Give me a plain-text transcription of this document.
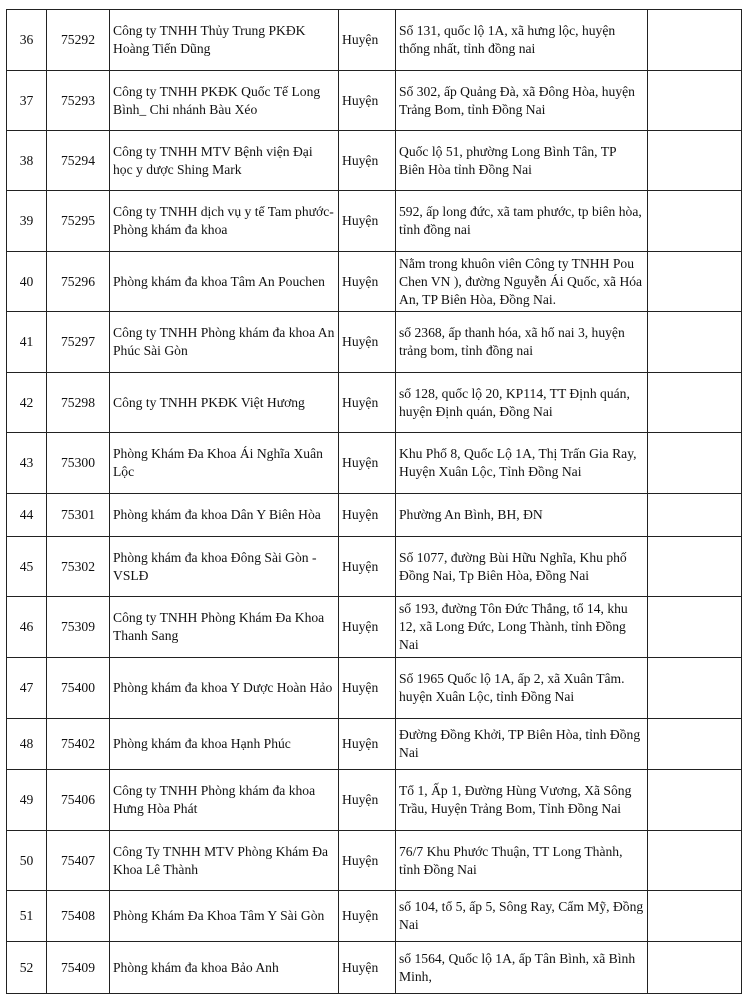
36	75292	Công ty TNHH Thủy Trung PKĐK Hoàng Tiến Dũng	Huyện	Số 131, quốc lộ 1A, xã hưng lộc, huyện thống nhất, tỉnh đồng nai	
37	75293	Công ty TNHH PKĐK Quốc Tế Long Bình_ Chi nhánh Bàu Xéo	Huyện	Số 302, ấp Quảng Đà, xã Đông Hòa, huyện Trảng Bom, tỉnh Đồng Nai	
38	75294	Công ty TNHH MTV Bệnh viện Đại học y dược Shing Mark	Huyện	Quốc lộ 51, phường Long Bình Tân, TP Biên Hòa tỉnh Đồng Nai	
39	75295	Công ty TNHH dịch vụ y tế Tam phước- Phòng khám đa khoa	Huyện	592, ấp long đức, xã tam phước, tp biên hòa, tỉnh đồng nai	
40	75296	Phòng khám đa khoa Tâm An Pouchen	Huyện	Nằm trong khuôn viên Công ty TNHH Pou Chen VN ), đường Nguyễn Ái Quốc, xã Hóa An, TP Biên Hòa, Đồng Nai.	
41	75297	Công ty TNHH Phòng khám đa khoa An Phúc Sài Gòn	Huyện	số 2368, ấp thanh hóa, xã hố nai 3, huyện trảng bom, tỉnh đồng nai	
42	75298	Công ty TNHH PKĐK Việt Hương	Huyện	số 128, quốc lộ 20, KP114, TT Định quán, huyện Định quán, Đồng Nai	
43	75300	Phòng Khám Đa Khoa Ái Nghĩa Xuân Lộc	Huyện	Khu Phố 8, Quốc Lộ 1A, Thị Trấn Gia Ray, Huyện Xuân Lộc, Tỉnh Đồng Nai	
44	75301	Phòng khám đa khoa Dân Y Biên Hòa	Huyện	Phường An Bình, BH, ĐN	
45	75302	Phòng khám đa khoa Đông Sài Gòn - VSLĐ	Huyện	Số 1077, đường Bùi Hữu Nghĩa, Khu phố Đồng Nai, Tp Biên Hòa, Đồng Nai	
46	75309	Công ty TNHH Phòng Khám Đa Khoa Thanh Sang	Huyện	số 193, đường Tôn Đức Thắng, tổ 14, khu 12, xã Long Đức, Long Thành, tỉnh Đồng Nai	
47	75400	Phòng khám đa khoa Y Dược Hoàn Hảo	Huyện	Số 1965 Quốc lộ 1A, ấp 2, xã Xuân Tâm. huyện Xuân Lộc, tỉnh Đồng Nai	
48	75402	Phòng khám đa khoa Hạnh Phúc	Huyện	Đường Đồng Khởi, TP Biên Hòa, tỉnh Đồng Nai	
49	75406	Công ty TNHH Phòng khám đa khoa Hưng Hòa Phát	Huyện	Tổ 1, Ấp 1, Đường Hùng Vương, Xã Sông Trầu, Huyện Trảng Bom, Tỉnh Đồng Nai	
50	75407	Công Ty TNHH MTV Phòng Khám Đa Khoa Lê Thành	Huyện	76/7 Khu Phước Thuận, TT Long Thành, tỉnh Đồng Nai	
51	75408	Phòng Khám Đa Khoa Tâm Y Sài Gòn	Huyện	số 104, tổ 5, ấp 5, Sông Ray, Cẩm Mỹ, Đồng Nai	
52	75409	Phòng khám đa khoa Bảo Anh	Huyện	số 1564, Quốc lộ 1A, ấp Tân Bình, xã Bình Minh,	
